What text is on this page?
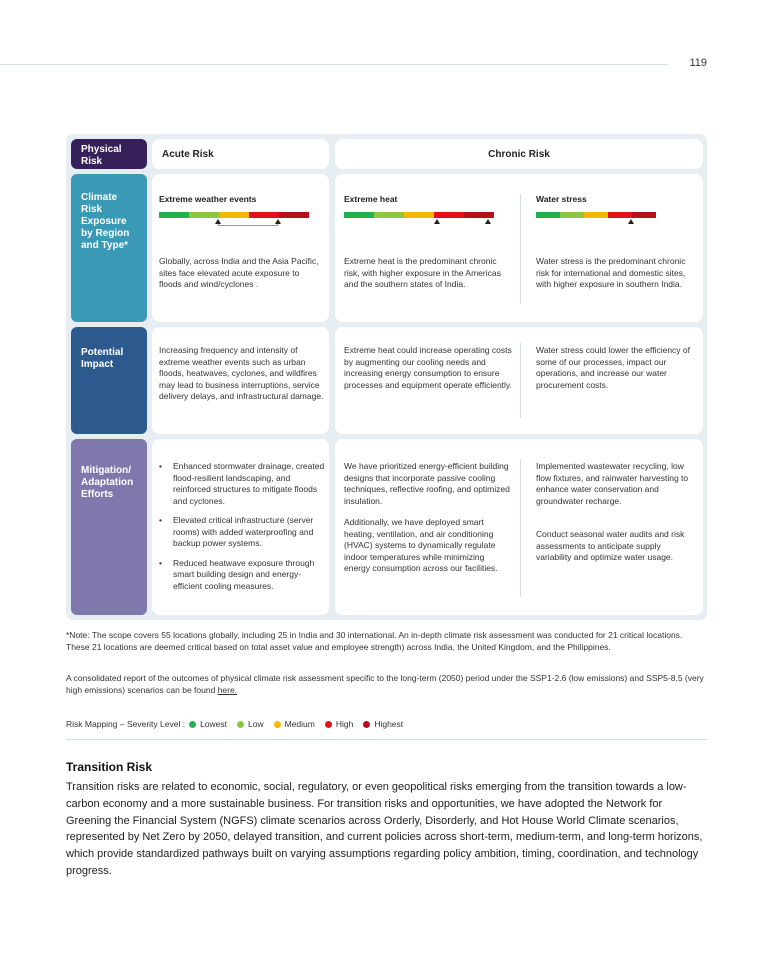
119
Physical Risk
Climate Risk Exposure by Region and Type*
Potential Impact
Mitigation/ Adaptation Efforts
Acute Risk	Chronic Risk
Extreme weather events
Globally, across India and the Asia Pacific, sites face elevated acute exposure to floods and wind/cyclones .
Extreme heat
Extreme heat is the predominant chronic risk, with higher exposure in the Americas and the southern states of India.
Water stress
Water stress is the predominant chronic risk for international and domestic sites, with higher exposure in southern India.
Increasing frequency and intensity of extreme weather events such as urban floods, heatwaves, cyclones, and wildfires may lead to business interruptions, service delivery delays, and infrastructural damage.
Extreme heat could increase operating costs by augmenting our cooling needs and increasing energy consumption to ensure processes and equipment operate efficiently.
Water stress could lower the efficiency of some of our processes, impact our operations, and increase our water procurement costs.
• Enhanced stormwater drainage, created flood-resilient landscaping, and reinforced structures to mitigate floods and cyclones.
• Elevated critical infrastructure (server rooms) with added waterproofing and backup power systems.
• Reduced heatwave exposure through smart building design and energy-efficient cooling measures.
We have prioritized energy-efficient building designs that incorporate passive cooling techniques, reflective roofing, and optimized insulation.
Additionally, we have deployed smart heating, ventilation, and air conditioning (HVAC) systems to dynamically regulate indoor temperatures while minimizing energy consumption across our facilities.
Implemented wastewater recycling, low flow fixtures, and rainwater harvesting to enhance water conservation and groundwater recharge.
Conduct seasonal water audits and risk assessments to anticipate supply variability and optimize water usage.
*Note: The scope covers 55 locations globally, including 25 in India and 30 international. An in-depth climate risk assessment was conducted for 21 critical locations. These 21 locations are deemed critical based on total asset value and employee strength) across India, the United Kingdom, and the Philippines.
A consolidated report of the outcomes of physical climate risk assessment specific to the long-term (2050) period under the SSP1-2.6 (low emissions) and SSP5-8.5 (very high emissions) scenarios can be found here.
Risk Mapping – Severity Level : Lowest Low Medium High Highest
Transition Risk
Transition risks are related to economic, social, regulatory, or even geopolitical risks emerging from the transition towards a low-carbon economy and a more sustainable business. For transition risks and opportunities, we have adopted the Network for Greening the Financial System (NGFS) climate scenarios across Orderly, Disorderly, and Hot House World Climate scenarios, represented by Net Zero by 2050, delayed transition, and current policies across short-term, medium-term, and long-term horizons, which provide standardized pathways built on varying assumptions regarding policy ambition, timing, coordination, and technology progress.
